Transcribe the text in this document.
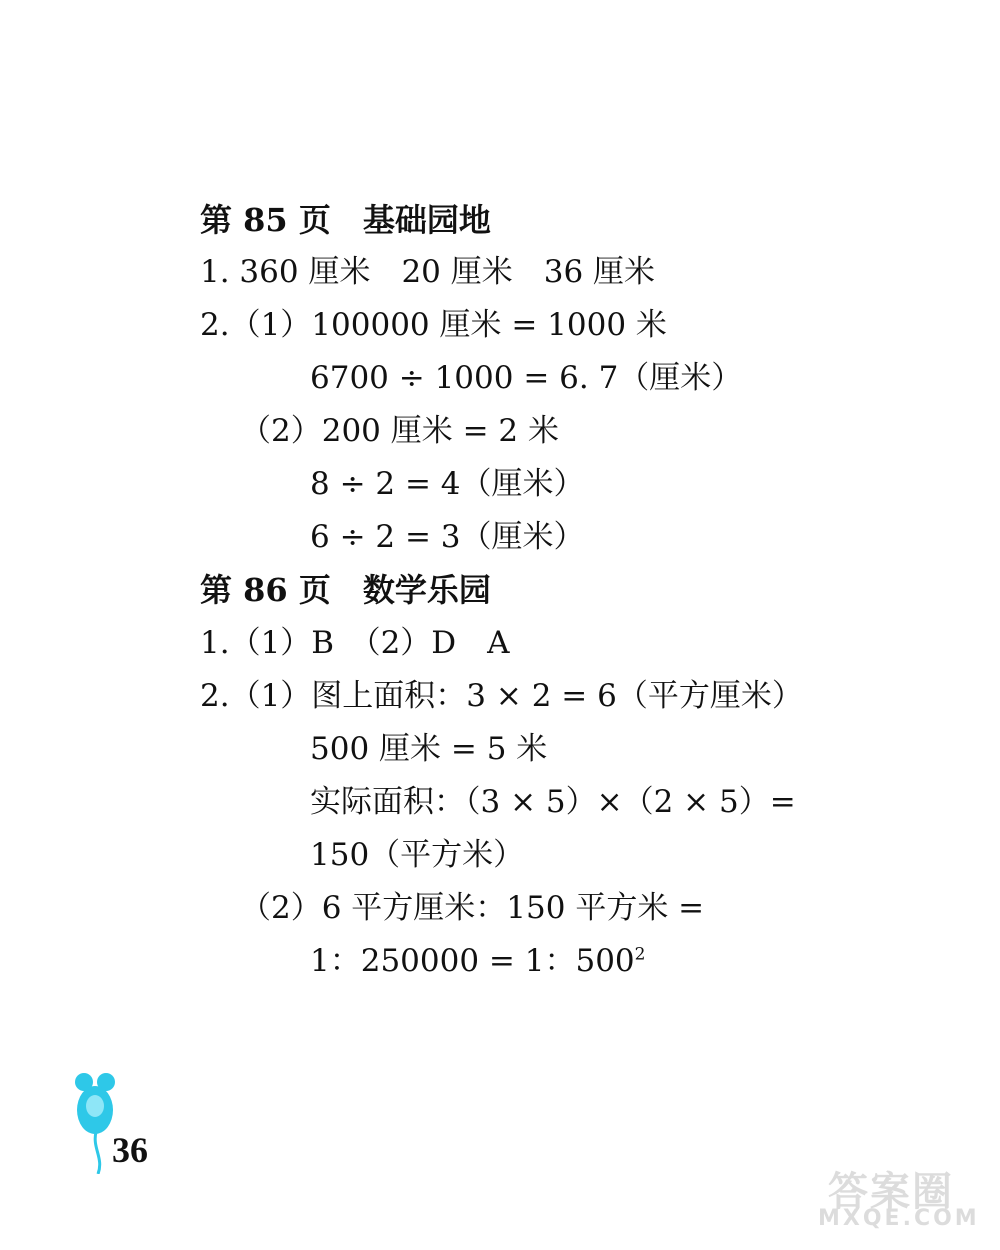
第 85 页　基础园地
1. 360 厘米　20 厘米　36 厘米
2.（1）100000 厘米 = 1000 米
6700 ÷ 1000 = 6. 7（厘米）
（2）200 厘米 = 2 米
8 ÷ 2 = 4（厘米）
6 ÷ 2 = 3（厘米）
第 86 页　数学乐园
1.（1）B　（2）D　A
2.（1）图上面积：3 × 2 = 6（平方厘米）
500 厘米 = 5 米
实际面积：（3 × 5）×（2 × 5）=
150（平方米）
（2）6 平方厘米：150 平方米 =
1：250000 = 1：$500^2$
36
答案圈
MXQE.COM
